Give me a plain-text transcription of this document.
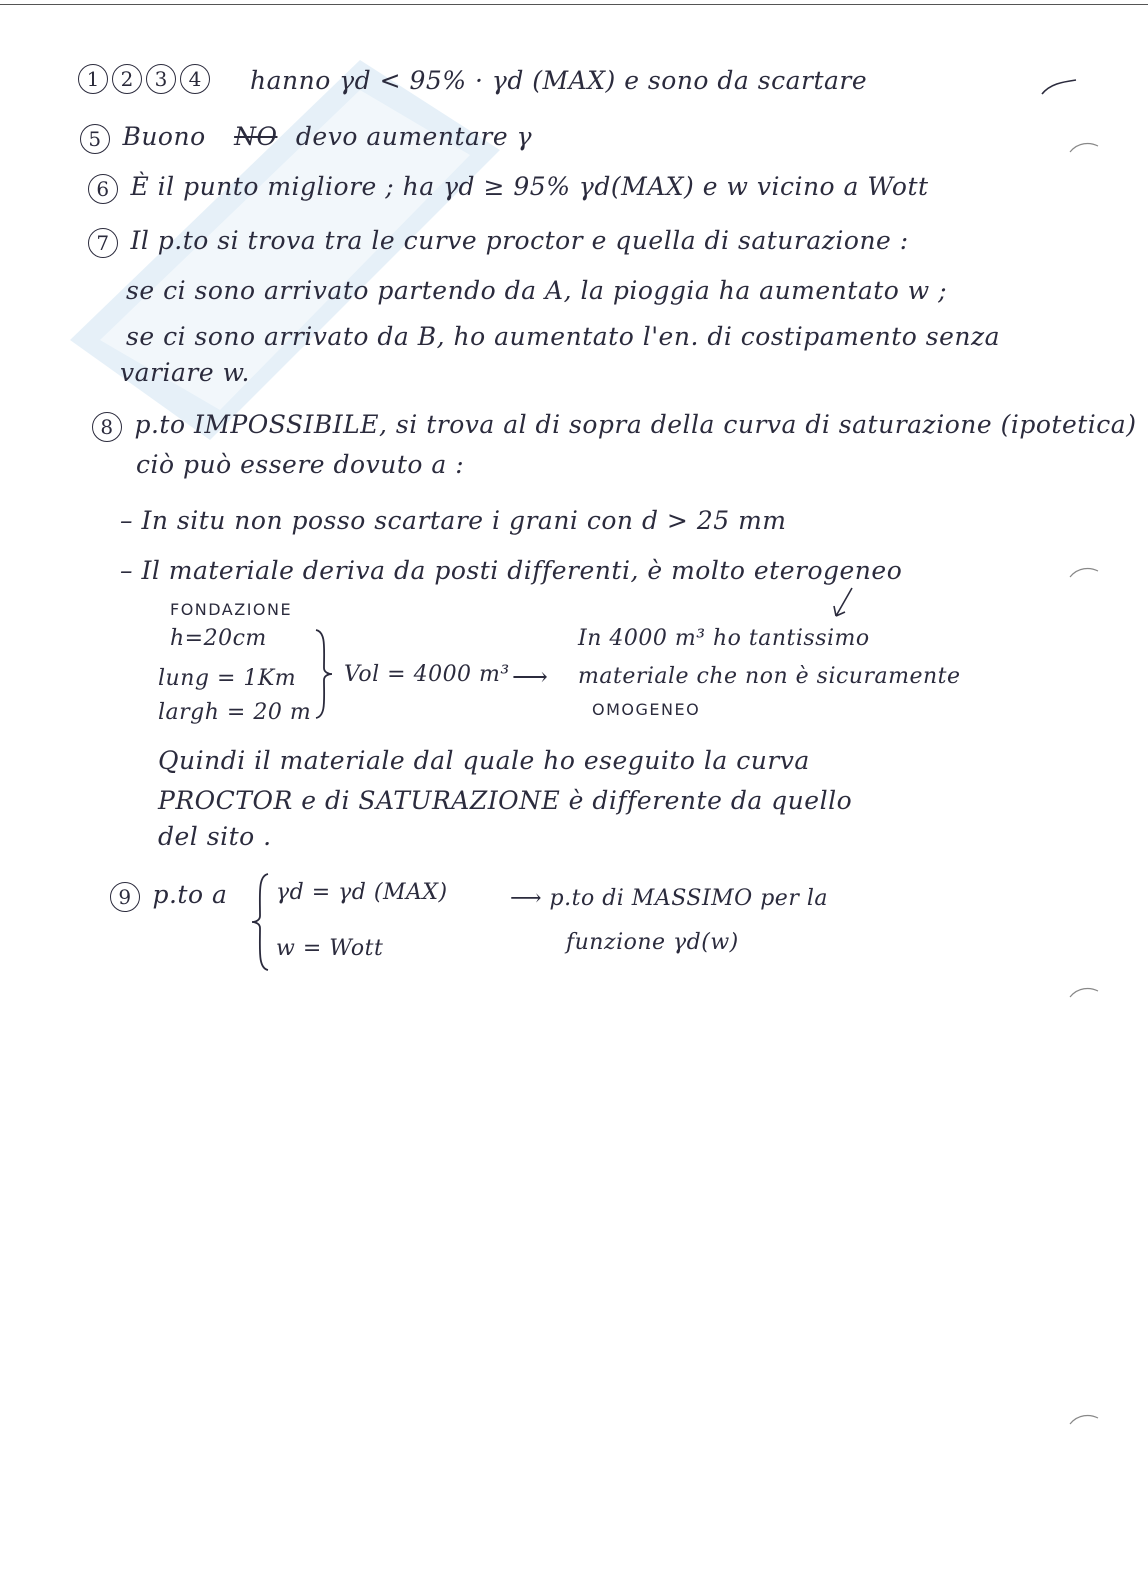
1 2 3 4	hanno γd < 95% · γd (MAX) e sono da scartare
5 Buono NO devo aumentare γ
6 È il punto migliore ; ha γd ≥ 95% γd(MAX) e w vicino a Wott
7 Il p.to si trova tra le curve proctor e quella di saturazione :
se ci sono arrivato partendo da A, la pioggia ha aumentato w ;
se ci sono arrivato da B, ho aumentato l'en. di costipamento senza
variare w.
8 p.to IMPOSSIBILE, si trova al di sopra della curva di saturazione (ipotetica)
ciò può essere dovuto a :
– In situ non posso scartare i grani con d > 25 mm
– Il materiale deriva da posti differenti, è molto eterogeneo
FONDAZIONE
h=20cm
lung = 1Km
largh = 20 m
Vol = 4000 m³ ⟶
In 4000 m³ ho tantissimo
materiale che non è sicuramente
OMOGENEO
Quindi il materiale dal quale ho eseguito la curva
PROCTOR e di SATURAZIONE è differente da quello
del sito .
9 p.to a γd = γd (MAX)
w = Wott
⟶ p.to di MASSIMO per la
funzione γd(w)
